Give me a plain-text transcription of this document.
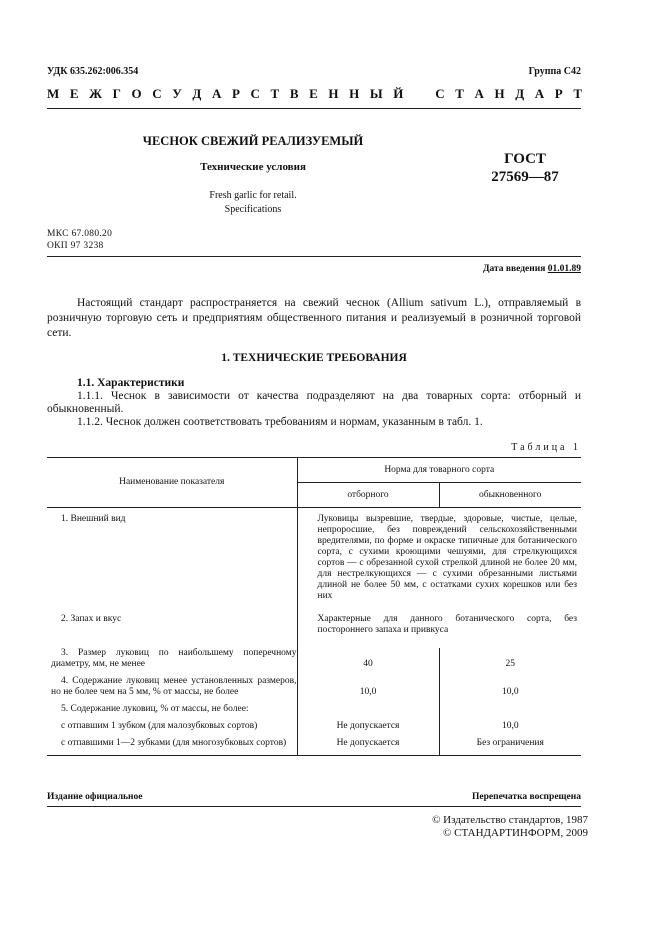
УДК 635.262:006.354	Группа С42
М Е Ж Г О С У Д А Р С Т В Е Н Н Ы Й С Т А Н Д А Р Т
ЧЕСНОК СВЕЖИЙ РЕАЛИЗУЕМЫЙ
Технические условия
Fresh garlic for retail.
Specifications
ГОСТ
27569—87
МКС 67.080.20
ОКП 97 3238
Дата введения 01.01.89
Настоящий стандарт распространяется на свежий чеснок (Allium sativum L.), отправляемый в розничную торговую сеть и предприятиям общественного питания и реализуемый в розничной торговой сети.
1. ТЕХНИЧЕСКИЕ ТРЕБОВАНИЯ
1.1. Характеристики
1.1.1. Чеснок в зависимости от качества подразделяют на два товарных сорта: отборный и обыкновенный.
1.1.2. Чеснок должен соответствовать требованиям и нормам, указанным в табл. 1.
Таблица 1
Наименование показателя	Норма для товарного сорта	
	отборного	обыкновенного
1. Внешний вид	Луковицы вызревшие, твердые, здоровые, чистые, целые, непроросшие, без повреждений сельскохозяйственными вредителями, по форме и окраске типичные для ботанического сорта, с сухими кроющими чешуями, для стрелкующихся сортов — с обрезанной сухой стрелкой длиной не более 20 мм, для нестрелкующихся — с сухими обрезанными листьями длиной не более 50 мм, с остатками сухих корешков или без них	
2. Запах и вкус	Характерные для данного ботанического сорта, без постороннего запаха и привкуса	
3. Размер луковиц по наибольшему поперечному диаметру, мм, не менее	40	25
4. Содержание луковиц менее установленных размеров, но не более чем на 5 мм, % от массы, не более	10,0	10,0
5. Содержание луковиц, % от массы, не более:		
с отпавшим 1 зубком (для малозубковых сортов)	Не допускается	10,0
с отпавшими 1—2 зубками (для многозубковых сортов)	Не допускается	Без ограничения
Издание официальное	Перепечатка воспрещена
© Издательство стандартов, 1987
© СТАНДАРТИНФОРМ, 2009
